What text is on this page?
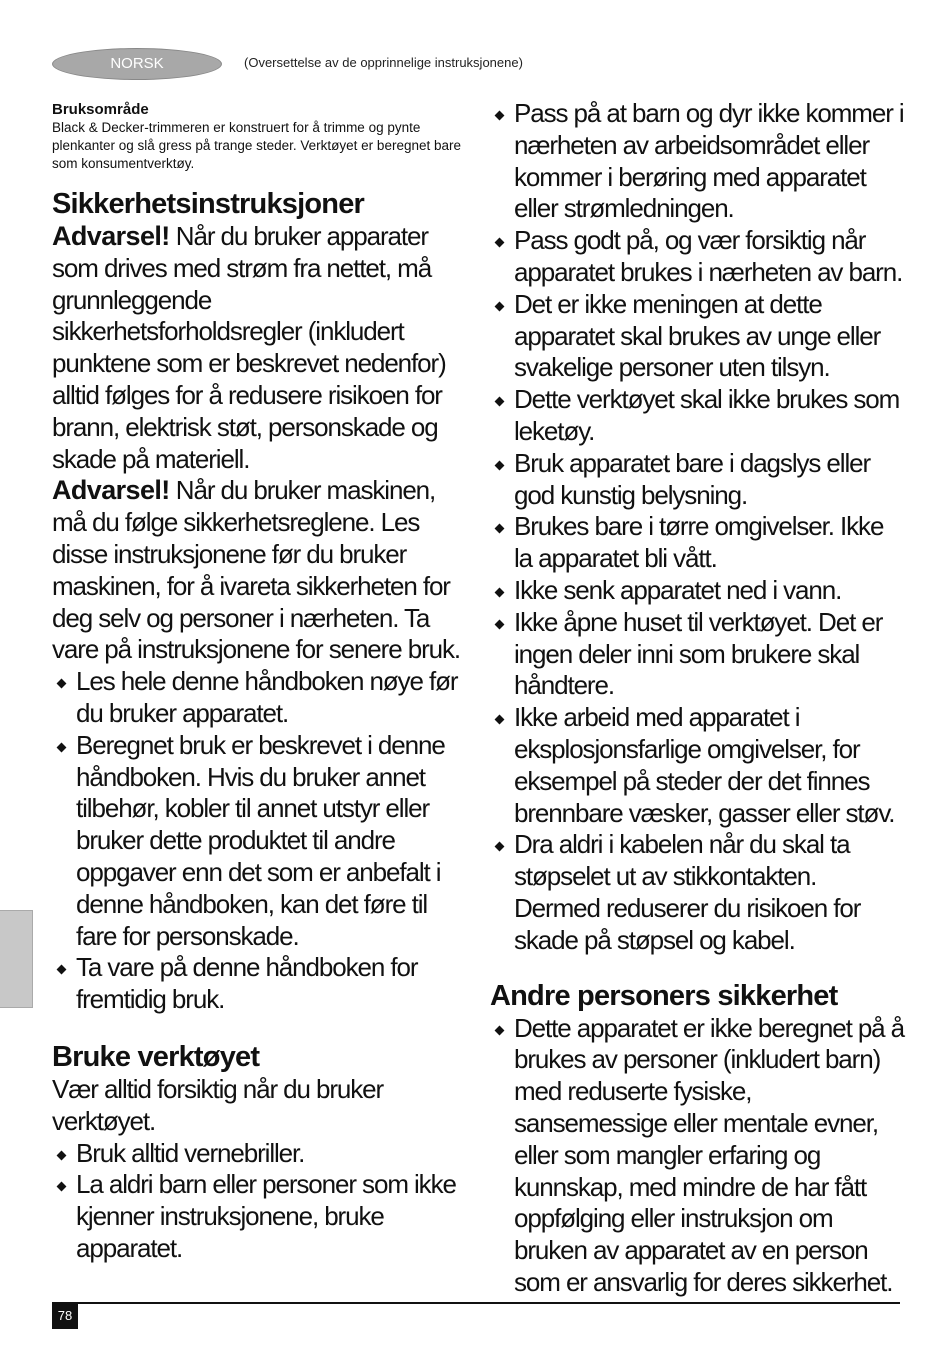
NORSK	(Oversettelse av de opprinnelige instruksjonene)

Bruksområde

Black & Decker-trimmeren er konstruert for å trimme og pynte plenkanter og slå gress på trange steder. Verktøyet er beregnet bare som konsumentverktøy.

Sikkerhetsinstruksjoner

Advarsel! Når du bruker apparater som drives med strøm fra nettet, må grunnleggende sikkerhetsforholdsregler (inkludert punktene som er beskrevet nedenfor) alltid følges for å redusere risikoen for brann, elektrisk støt, personskade og skade på materiell.

Advarsel! Når du bruker maskinen, må du følge sikkerhetsreglene. Les disse instruksjonene før du bruker maskinen, for å ivareta sikkerheten for deg selv og personer i nærheten. Ta vare på instruksjonene for senere bruk.

Les hele denne håndboken nøye før du bruker apparatet.
Beregnet bruk er beskrevet i denne håndboken. Hvis du bruker annet tilbehør, kobler til annet utstyr eller bruker dette produktet til andre oppgaver enn det som er anbefalt i denne håndboken, kan det føre til fare for personskade.
Ta vare på denne håndboken for fremtidig bruk.
Bruke verktøyet

Vær alltid forsiktig når du bruker verktøyet.

Bruk alltid vernebriller.
La aldri barn eller personer som ikke kjenner instruksjonene, bruke apparatet.
Pass på at barn og dyr ikke kommer i nærheten av arbeidsområdet eller kommer i berøring med apparatet eller strømledningen.
Pass godt på, og vær forsiktig når apparatet brukes i nærheten av barn.
Det er ikke meningen at dette apparatet skal brukes av unge eller svakelige personer uten tilsyn.
Dette verktøyet skal ikke brukes som leketøy.
Bruk apparatet bare i dagslys eller god kunstig belysning.
Brukes bare i tørre omgivelser. Ikke la apparatet bli vått.
Ikke senk apparatet ned i vann.
Ikke åpne huset til verktøyet. Det er ingen deler inni som brukere skal håndtere.
Ikke arbeid med apparatet i eksplosjonsfarlige omgivelser, for eksempel på steder der det finnes brennbare væsker, gasser eller støv.
Dra aldri i kabelen når du skal ta støpselet ut av stikkontakten. Dermed reduserer du risikoen for skade på støpsel og kabel.
Andre personers sikkerhet
Dette apparatet er ikke beregnet på å brukes av personer (inkludert barn) med reduserte fysiske, sansemessige eller mentale evner, eller som mangler erfaring og kunnskap, med mindre de har fått oppfølging eller instruksjon om bruken av apparatet av en person som er ansvarlig for deres sikkerhet.
78
